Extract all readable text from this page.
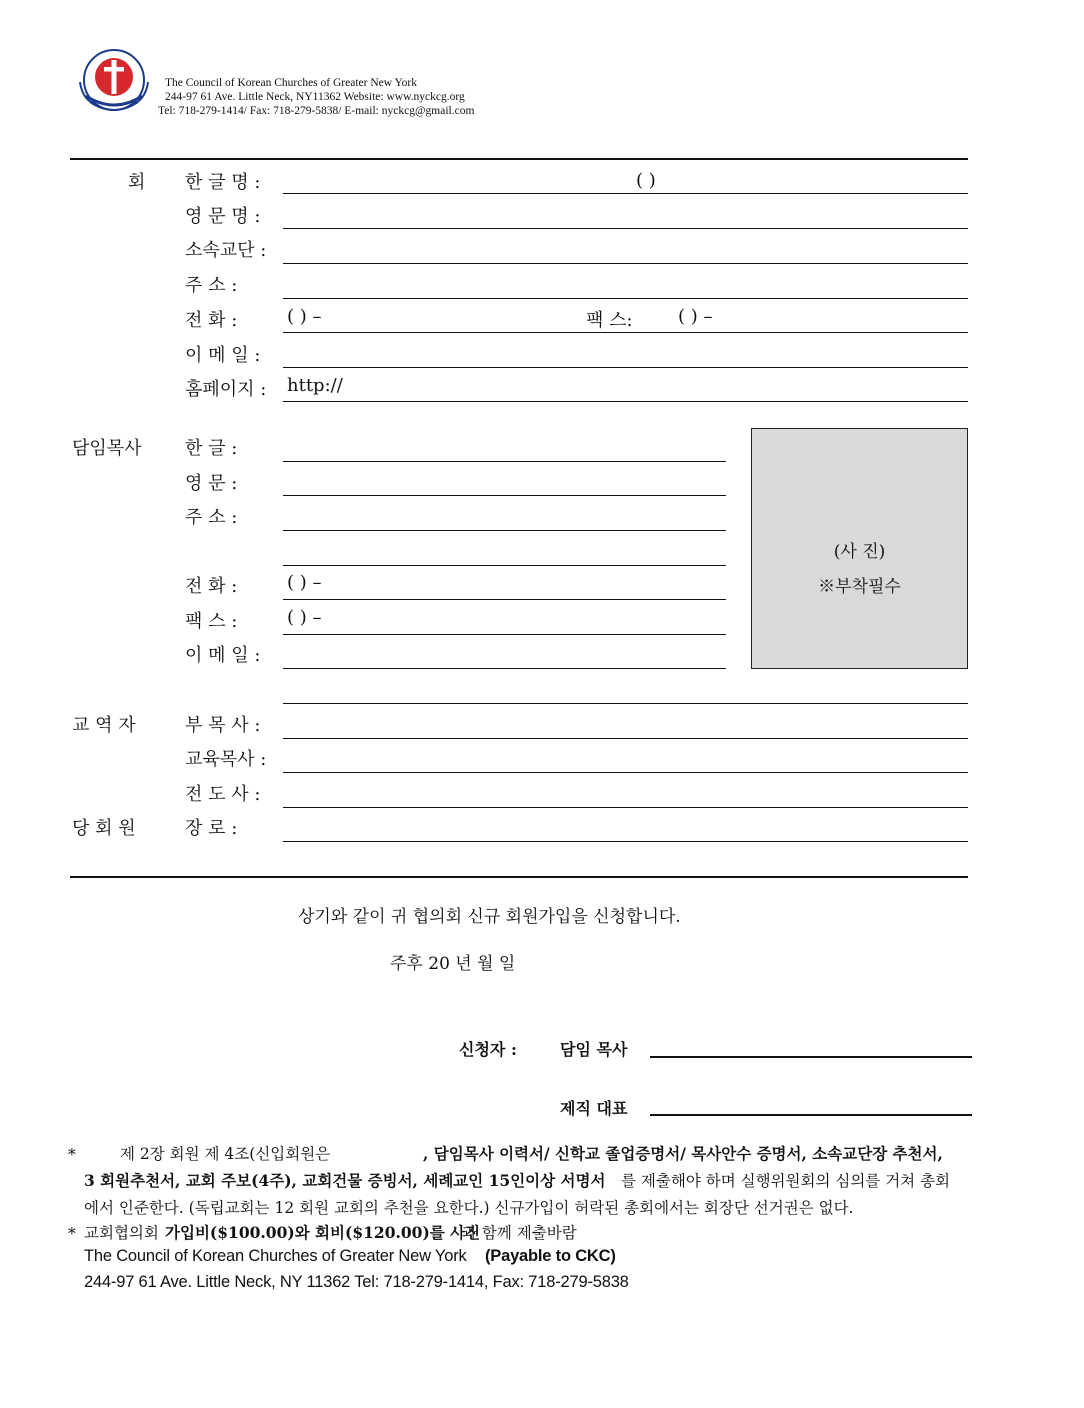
The Council of Korean Churches of Greater New York
244-97 61 Ave. Little Neck, NY11362 Website: www.nyckcg.org
Tel: 718-279-1414/ Fax: 718-279-5838/ E-mail: nyckcg@gmail.com
회 한 글 명 :	( )
영 문 명 :
소속교단 :
주 소 :
전 화 :	( ) –	팩 스:	( ) –
이 메 일 :
홈페이지 : http://
담임목사 한 글 :
영 문 :
주 소 :
전 화 :	( ) –
팩 스 :	( ) –
이 메 일 :
(사 진)
※부착필수
교 역 자	부 목 사 :
교육목사 :
전 도 사 :
당 회 원	장 로 :
상기와 같이 귀 협의회 신규 회원가입을 신청합니다.
주후 20 년 월 일
신청자 :	담임 목사
제직 대표
*	제 2장 회원 제 4조(신입회원은	, 담임목사 이력서/ 신학교 졸업증명서/ 목사안수 증명서, 소속교단장 추천서,
3 회원추천서, 교회 주보(4주), 교회건물 증빙서, 세례교인 15인이상 서명서 를 제출해야 하며 실행위원회의 심의를 거쳐 총회
에서 인준한다. (독립교회는 12 회원 교회의 추천을 요한다.) 신규가입이 허락된 총회에서는 회장단 선거권은 없다.
* 교회협의회 가입비($100.00)와 회비($120.00)를 사진
과 함께 제출바람
The Council of Korean Churches of Greater New York (Payable to CKC)
244-97 61 Ave. Little Neck, NY 11362 Tel: 718-279-1414, Fax: 718-279-5838
